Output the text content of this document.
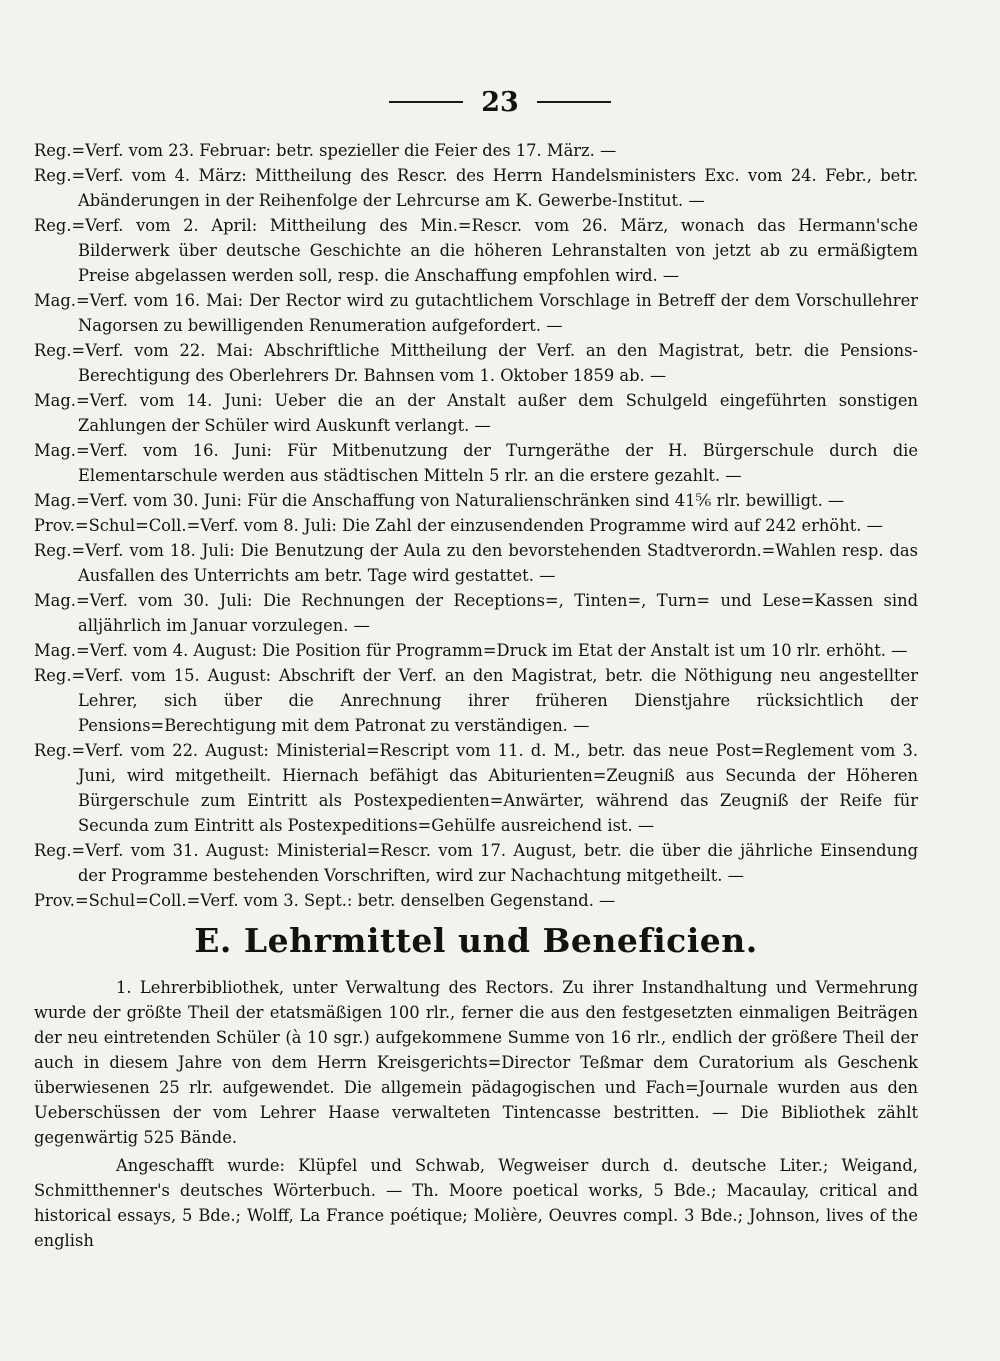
23

Reg.=Verf. vom 23. Februar: betr. spezieller die Feier des 17. März. —

Reg.=Verf. vom 4. März: Mittheilung des Rescr. des Herrn Handelsministers Exc. vom 24. Febr., betr. Abänderungen in der Reihenfolge der Lehrcurse am K. Gewerbe-Institut. —

Reg.=Verf. vom 2. April: Mittheilung des Min.=Rescr. vom 26. März, wonach das Hermann'sche Bilderwerk über deutsche Geschichte an die höheren Lehranstalten von jetzt ab zu ermäßigtem Preise abgelassen werden soll, resp. die Anschaffung empfohlen wird. —

Mag.=Verf. vom 16. Mai: Der Rector wird zu gutachtlichem Vorschlage in Betreff der dem Vorschullehrer Nagorsen zu bewilligenden Renumeration aufgefordert. —

Reg.=Verf. vom 22. Mai: Abschriftliche Mittheilung der Verf. an den Magistrat, betr. die Pensions-Berechtigung des Oberlehrers Dr. Bahnsen vom 1. Oktober 1859 ab. —

Mag.=Verf. vom 14. Juni: Ueber die an der Anstalt außer dem Schulgeld eingeführten sonstigen Zahlungen der Schüler wird Auskunft verlangt. —

Mag.=Verf. vom 16. Juni: Für Mitbenutzung der Turngeräthe der H. Bürgerschule durch die Elementarschule werden aus städtischen Mitteln 5 rlr. an die erstere gezahlt. —

Mag.=Verf. vom 30. Juni: Für die Anschaffung von Naturalienschränken sind 41⅚ rlr. bewilligt. —

Prov.=Schul=Coll.=Verf. vom 8. Juli: Die Zahl der einzusendenden Programme wird auf 242 erhöht. —

Reg.=Verf. vom 18. Juli: Die Benutzung der Aula zu den bevorstehenden Stadtverordn.=Wahlen resp. das Ausfallen des Unterrichts am betr. Tage wird gestattet. —

Mag.=Verf. vom 30. Juli: Die Rechnungen der Receptions=, Tinten=, Turn= und Lese=Kassen sind alljährlich im Januar vorzulegen. —

Mag.=Verf. vom 4. August: Die Position für Programm=Druck im Etat der Anstalt ist um 10 rlr. erhöht. —

Reg.=Verf. vom 15. August: Abschrift der Verf. an den Magistrat, betr. die Nöthigung neu angestellter Lehrer, sich über die Anrechnung ihrer früheren Dienstjahre rücksichtlich der Pensions=Berechtigung mit dem Patronat zu verständigen. —

Reg.=Verf. vom 22. August: Ministerial=Rescript vom 11. d. M., betr. das neue Post=Reglement vom 3. Juni, wird mitgetheilt. Hiernach befähigt das Abiturienten=Zeugniß aus Secunda der Höheren Bürgerschule zum Eintritt als Postexpedienten=Anwärter, während das Zeugniß der Reife für Secunda zum Eintritt als Postexpeditions=Gehülfe ausreichend ist. —

Reg.=Verf. vom 31. August: Ministerial=Rescr. vom 17. August, betr. die über die jährliche Einsendung der Programme bestehenden Vorschriften, wird zur Nachachtung mitgetheilt. —

Prov.=Schul=Coll.=Verf. vom 3. Sept.: betr. denselben Gegenstand. —

E. Lehrmittel und Beneficien.

1. Lehrerbibliothek, unter Verwaltung des Rectors. Zu ihrer Instandhaltung und Vermehrung wurde der größte Theil der etatsmäßigen 100 rlr., ferner die aus den festgesetzten einmaligen Beiträgen der neu eintretenden Schüler (à 10 sgr.) aufgekommene Summe von 16 rlr., endlich der größere Theil der auch in diesem Jahre von dem Herrn Kreisgerichts=Director Teßmar dem Curatorium als Geschenk überwiesenen 25 rlr. aufgewendet. Die allgemein pädagogischen und Fach=Journale wurden aus den Ueberschüssen der vom Lehrer Haase verwalteten Tintencasse bestritten. — Die Bibliothek zählt gegenwärtig 525 Bände.

Angeschafft wurde: Klüpfel und Schwab, Wegweiser durch d. deutsche Liter.; Weigand, Schmitthenner's deutsches Wörterbuch. — Th. Moore poetical works, 5 Bde.; Macaulay, critical and historical essays, 5 Bde.; Wolff, La France poétique; Molière, Oeuvres compl. 3 Bde.; Johnson, lives of the english
